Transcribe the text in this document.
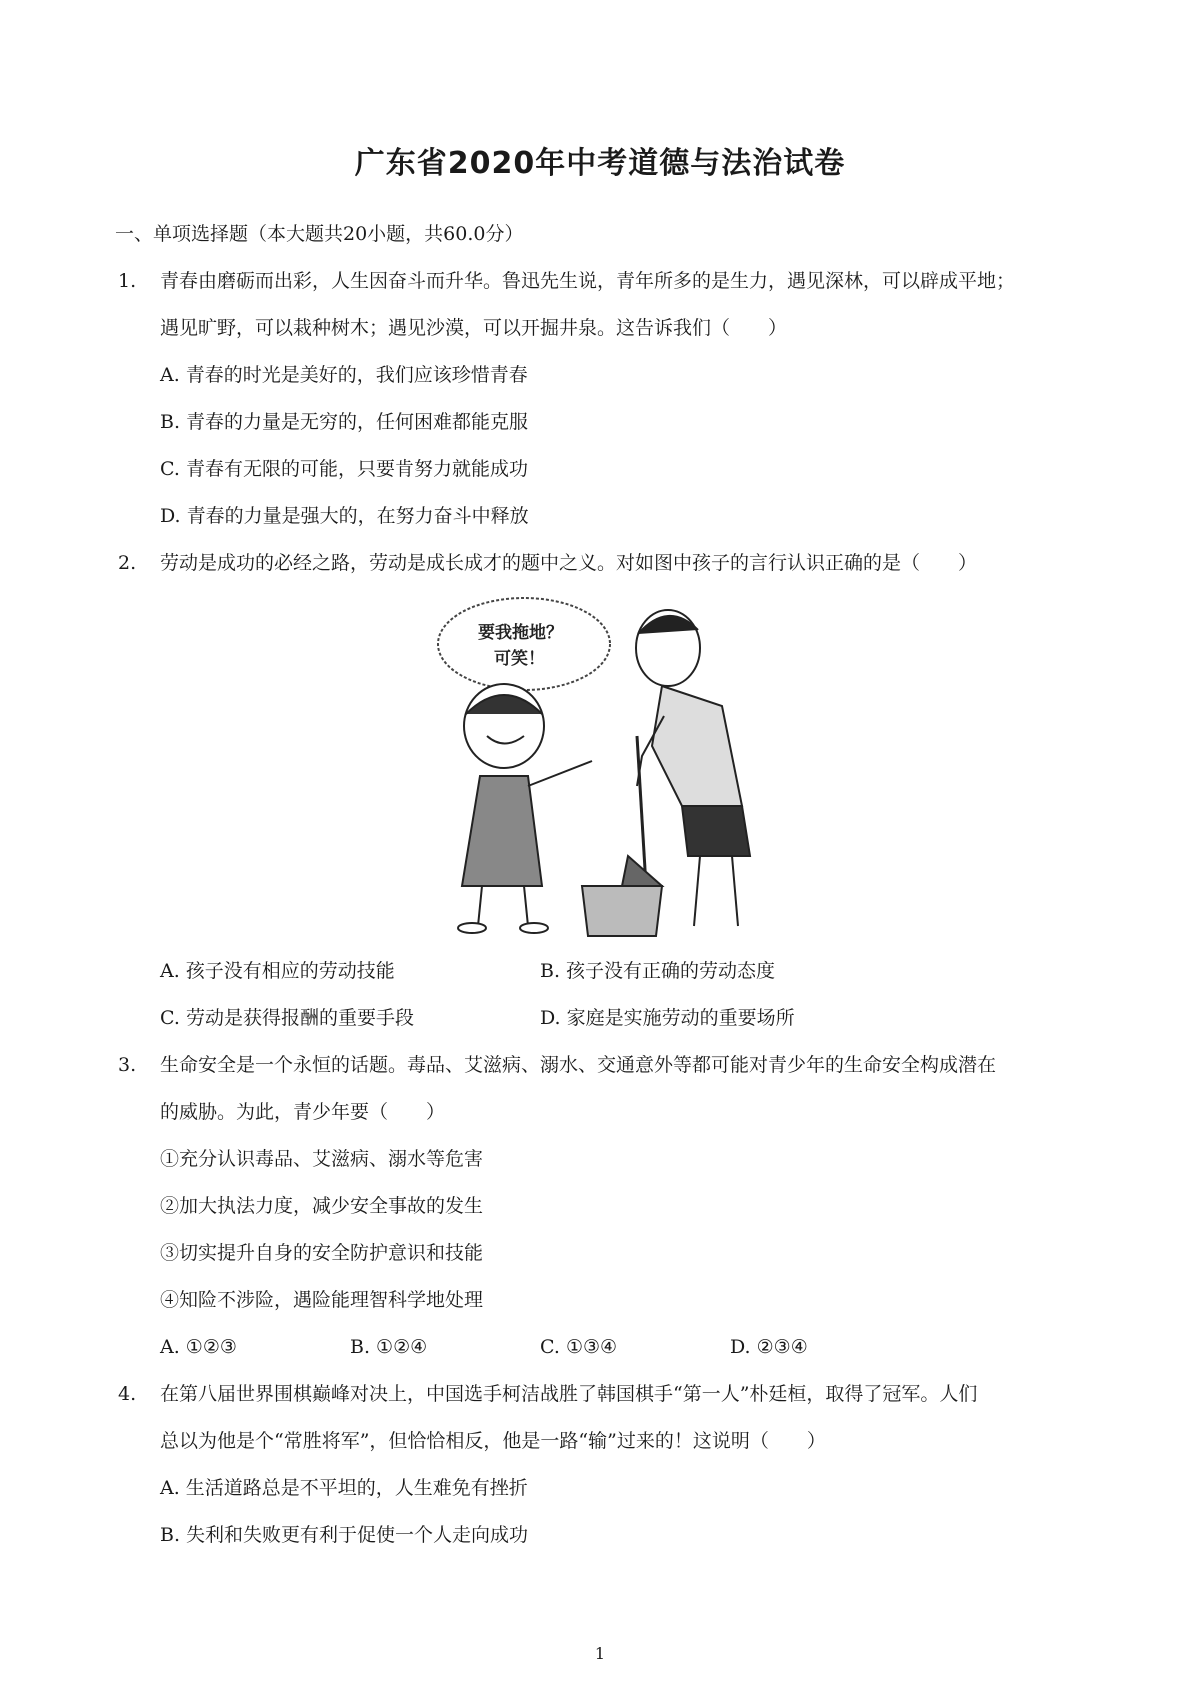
广东省2020年中考道德与法治试卷
一、单项选择题（本大题共20小题，共60.0分）
1. 青春由磨砺而出彩，人生因奋斗而升华。鲁迅先生说，青年所多的是生力，遇见深林，可以辟成平地；
遇见旷野，可以栽种树木；遇见沙漠，可以开掘井泉。这告诉我们（　　）
A. 青春的时光是美好的，我们应该珍惜青春
B. 青春的力量是无穷的，任何困难都能克服
C. 青春有无限的可能，只要肯努力就能成功
D. 青春的力量是强大的，在努力奋斗中释放
2. 劳动是成功的必经之路，劳动是成长成才的题中之义。对如图中孩子的言行认识正确的是（　　）
要我拖地？
可笑！
A. 孩子没有相应的劳动技能	B. 孩子没有正确的劳动态度
C. 劳动是获得报酬的重要手段	D. 家庭是实施劳动的重要场所
3. 生命安全是一个永恒的话题。毒品、艾滋病、溺水、交通意外等都可能对青少年的生命安全构成潜在
的威胁。为此，青少年要（　　）
①充分认识毒品、艾滋病、溺水等危害
②加大执法力度，减少安全事故的发生
③切实提升自身的安全防护意识和技能
④知险不涉险，遇险能理智科学地处理
A. ①②③	B. ①②④	C. ①③④	D. ②③④
4. 在第八届世界围棋巅峰对决上，中国选手柯洁战胜了韩国棋手“第一人”朴廷桓，取得了冠军。人们
总以为他是个“常胜将军”，但恰恰相反，他是一路“输”过来的！这说明（　　）
A. 生活道路总是不平坦的，人生难免有挫折
B. 失利和失败更有利于促使一个人走向成功
1
